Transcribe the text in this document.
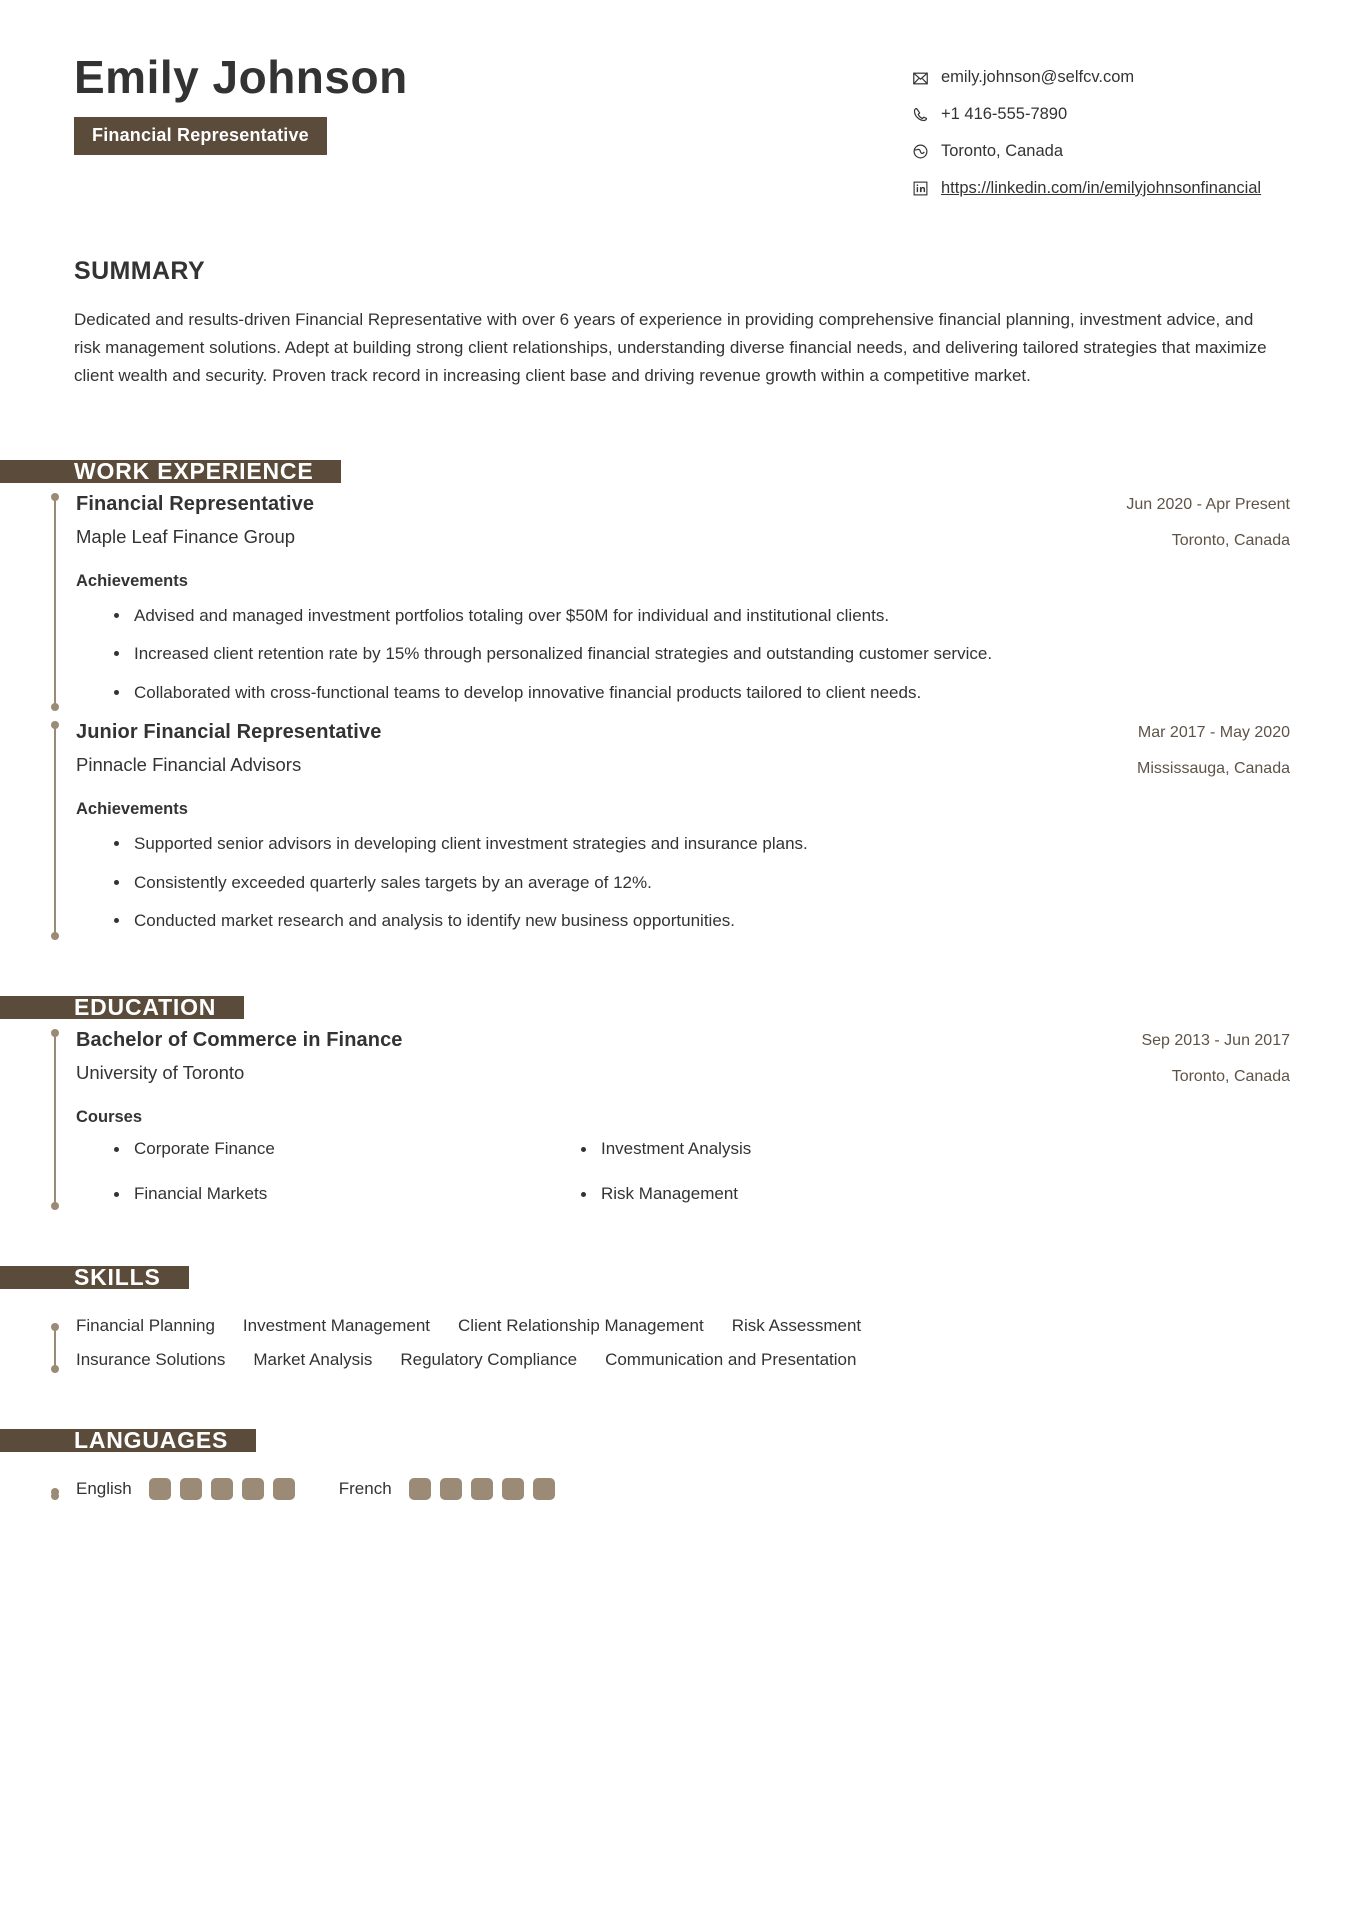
Emily Johnson
Financial Representative
emily.johnson@selfcv.com
+1 416-555-7890
Toronto, Canada
https://linkedin.com/in/emilyjohnsonfinancial
SUMMARY
Dedicated and results-driven Financial Representative with over 6 years of experience in providing comprehensive financial planning, investment advice, and risk management solutions. Adept at building strong client relationships, understanding diverse financial needs, and delivering tailored strategies that maximize client wealth and security. Proven track record in increasing client base and driving revenue growth within a competitive market.
WORK EXPERIENCE
Financial Representative
Maple Leaf Finance Group
Jun 2020 - Apr Present
Toronto, Canada
Achievements
Advised and managed investment portfolios totaling over $50M for individual and institutional clients.
Increased client retention rate by 15% through personalized financial strategies and outstanding customer service.
Collaborated with cross-functional teams to develop innovative financial products tailored to client needs.
Junior Financial Representative
Pinnacle Financial Advisors
Mar 2017 - May 2020
Mississauga, Canada
Achievements
Supported senior advisors in developing client investment strategies and insurance plans.
Consistently exceeded quarterly sales targets by an average of 12%.
Conducted market research and analysis to identify new business opportunities.
EDUCATION
Bachelor of Commerce in Finance
University of Toronto
Sep 2013 - Jun 2017
Toronto, Canada
Courses
Corporate Finance	Investment Analysis
Financial Markets	Risk Management
SKILLS
Financial Planning	Investment Management	Client Relationship Management	Risk Assessment
Insurance Solutions	Market Analysis	Regulatory Compliance	Communication and Presentation
LANGUAGES
English	French
